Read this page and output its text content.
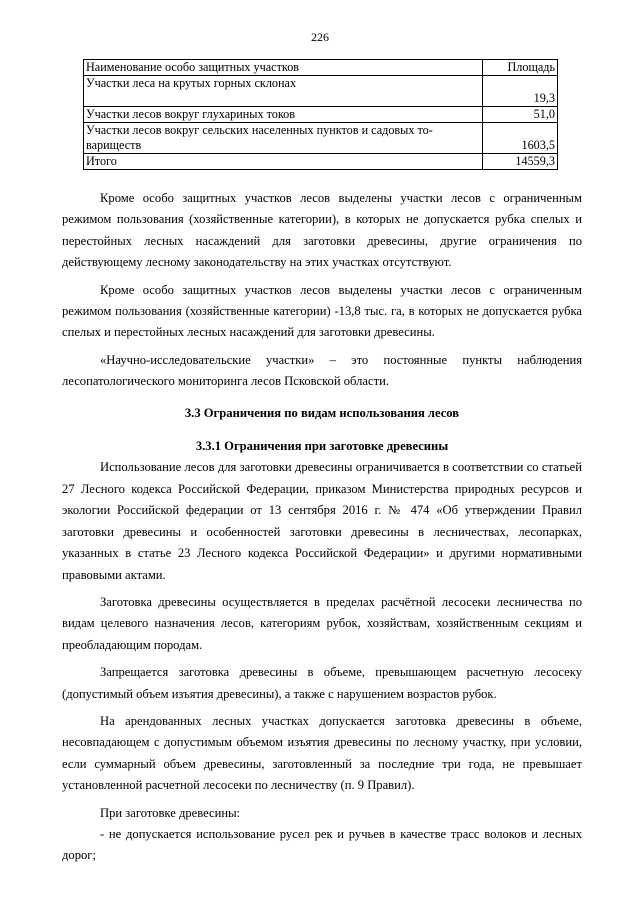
226
Наименование особо защитных участков	Площадь
Участки леса на крутых горных склонах	19,3
Участки лесов вокруг глухариных токов	51,0
Участки лесов вокруг сельских населенных пунктов и садовых то-вариществ	1603,5
Итого	14559,3

Кроме особо защитных участков лесов выделены участки лесов с ограниченным режимом пользования (хозяйственные категории), в которых не допускается рубка спелых и перестойных лесных насаждений для заготовки древесины, другие ограничения по действующему лесному законодательству на этих участках отсутствуют.

Кроме особо защитных участков лесов выделены участки лесов с ограниченным режимом пользования (хозяйственные категории) -13,8 тыс. га, в которых не допускается рубка спелых и перестойных лесных насаждений для заготовки древесины.

«Научно-исследовательские участки» – это постоянные пункты наблюдения лесопатологического мониторинга лесов Псковской области.

3.3 Ограничения по видам использования лесов
3.3.1 Ограничения при заготовке древесины

Использование лесов для заготовки древесины ограничивается в соответствии со статьей 27 Лесного кодекса Российской Федерации, приказом Министерства природных ресурсов и экологии Российской федерации от 13 сентября 2016 г. № 474 «Об утверждении Правил заготовки древесины и особенностей заготовки древесины в лесничествах, лесопарках, указанных в статье 23 Лесного кодекса Российской Федерации» и другими нормативными правовыми актами.

Заготовка древесины осуществляется в пределах расчётной лесосеки лесничества по видам целевого назначения лесов, категориям рубок, хозяйствам, хозяйственным секциям и преобладающим породам.

Запрещается заготовка древесины в объеме, превышающем расчетную лесосеку (допустимый объем изъятия древесины), а также с нарушением возрастов рубок.

На арендованных лесных участках допускается заготовка древесины в объеме, несовпадающем с допустимым объемом изъятия древесины по лесному участку, при условии, если суммарный объем древесины, заготовленный за последние три года, не превышает установленной расчетной лесосеки по лесничеству (п. 9 Правил).

При заготовке древесины:

- не допускается использование русел рек и ручьев в качестве трасс волоков и лесных дорог;
